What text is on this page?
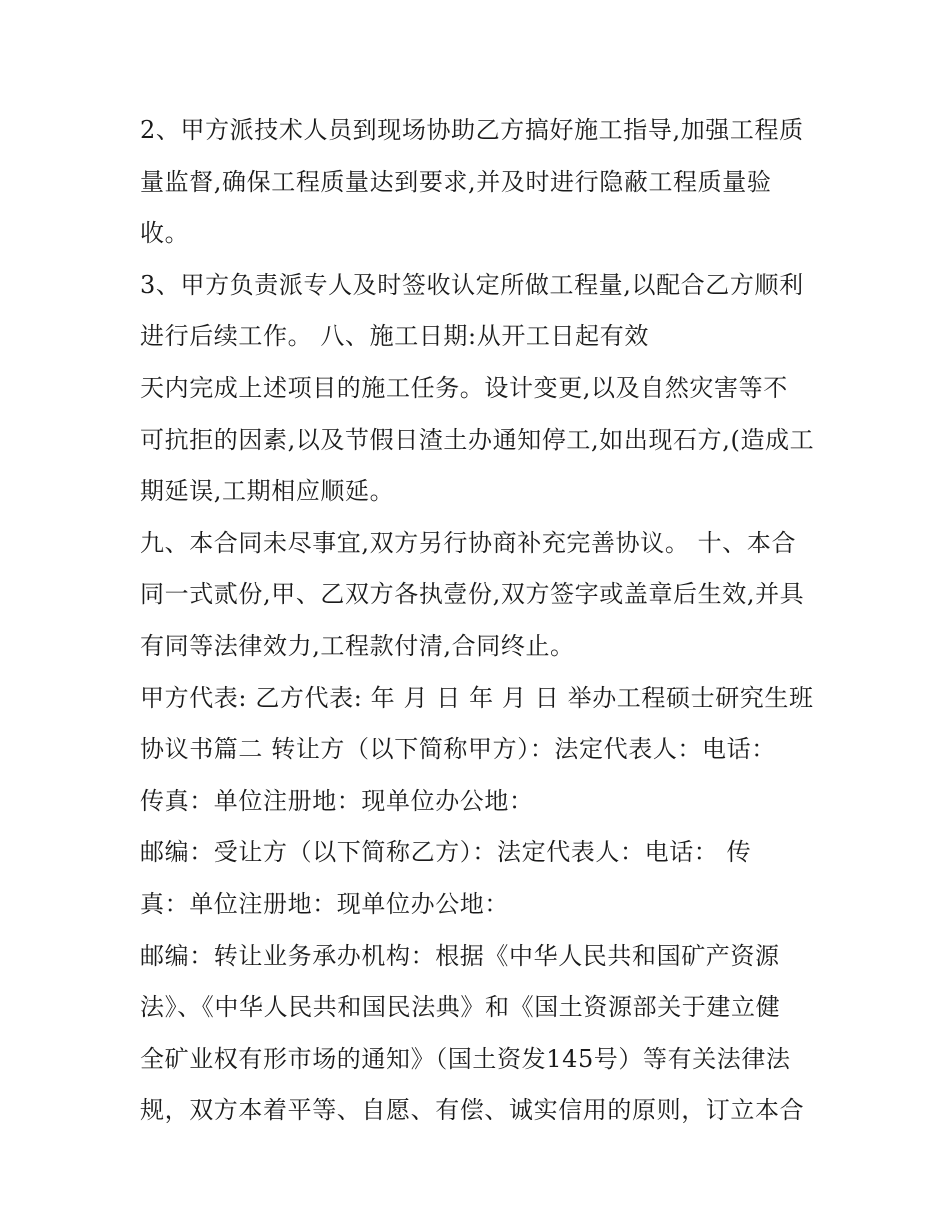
2、甲方派技术人员到现场协助乙方搞好施工指导,加强工程质
量监督,确保工程质量达到要求,并及时进行隐蔽工程质量验
收。
3、甲方负责派专人及时签收认定所做工程量,以配合乙方顺利
进行后续工作。 八、施工日期:从开工日起有效
天内完成上述项目的施工任务。设计变更,以及自然灾害等不
可抗拒的因素,以及节假日渣土办通知停工,如出现石方,(造成工
期延误,工期相应顺延。
九、本合同未尽事宜,双方另行协商补充完善协议。 十、本合
同一式贰份,甲、乙双方各执壹份,双方签字或盖章后生效,并具
有同等法律效力,工程款付清,合同终止。
甲方代表: 乙方代表: 年 月 日 年 月 日 举办工程硕士研究生班
协议书篇二 转让方（以下简称甲方）：法定代表人：电话：
传真：单位注册地：现单位办公地：
邮编：受让方（以下简称乙方）：法定代表人：电话： 传
真：单位注册地：现单位办公地：
邮编：转让业务承办机构：根据《中华人民共和国矿产资源
法》、《中华人民共和国民法典》和《国土资源部关于建立健
全矿业权有形市场的通知》（国土资发145号）等有关法律法
规，双方本着平等、自愿、有偿、诚实信用的原则，订立本合
